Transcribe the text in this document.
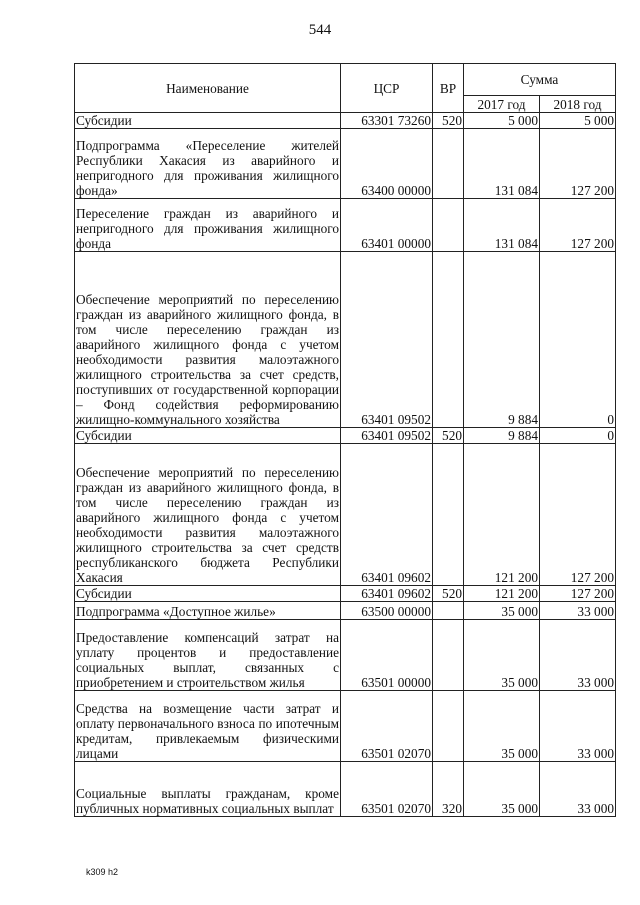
544
Наименование	ЦСР	ВР	Сумма	
			2017 год	2018 год
Субсидии	63301 73260	520	5 000	5 000
Подпрограмма «Переселение жителей Республики Хакасия из аварийного и непригодного для проживания жилищного фонда»	63400 00000		131 084	127 200
Переселение граждан из аварийного и непригодного для проживания жилищного фонда	63401 00000		131 084	127 200
Обеспечение мероприятий по переселению граждан из аварийного жилищного фонда, в том числе переселению граждан из аварийного жилищного фонда с учетом необходимости развития малоэтажного жилищного строительства за счет средств, поступивших от государственной корпорации – Фонд содействия реформированию жилищно-коммунального хозяйства	63401 09502		9 884	0
Субсидии	63401 09502	520	9 884	0
Обеспечение мероприятий по переселению граждан из аварийного жилищного фонда, в том числе переселению граждан из аварийного жилищного фонда с учетом необходимости развития малоэтажного жилищного строительства за счет средств республиканского бюджета Республики Хакасия	63401 09602		121 200	127 200
Субсидии	63401 09602	520	121 200	127 200
Подпрограмма «Доступное жилье»	63500 00000		35 000	33 000
Предоставление компенсаций затрат на уплату процентов и предоставление социальных выплат, связанных с приобретением и строительством жилья	63501 00000		35 000	33 000
Средства на возмещение части затрат и оплату первоначального взноса по ипотечным кредитам, привлекаемым физическими лицами	63501 02070		35 000	33 000
Социальные выплаты гражданам, кроме публичных нормативных социальных выплат	63501 02070	320	35 000	33 000
k309 h2
